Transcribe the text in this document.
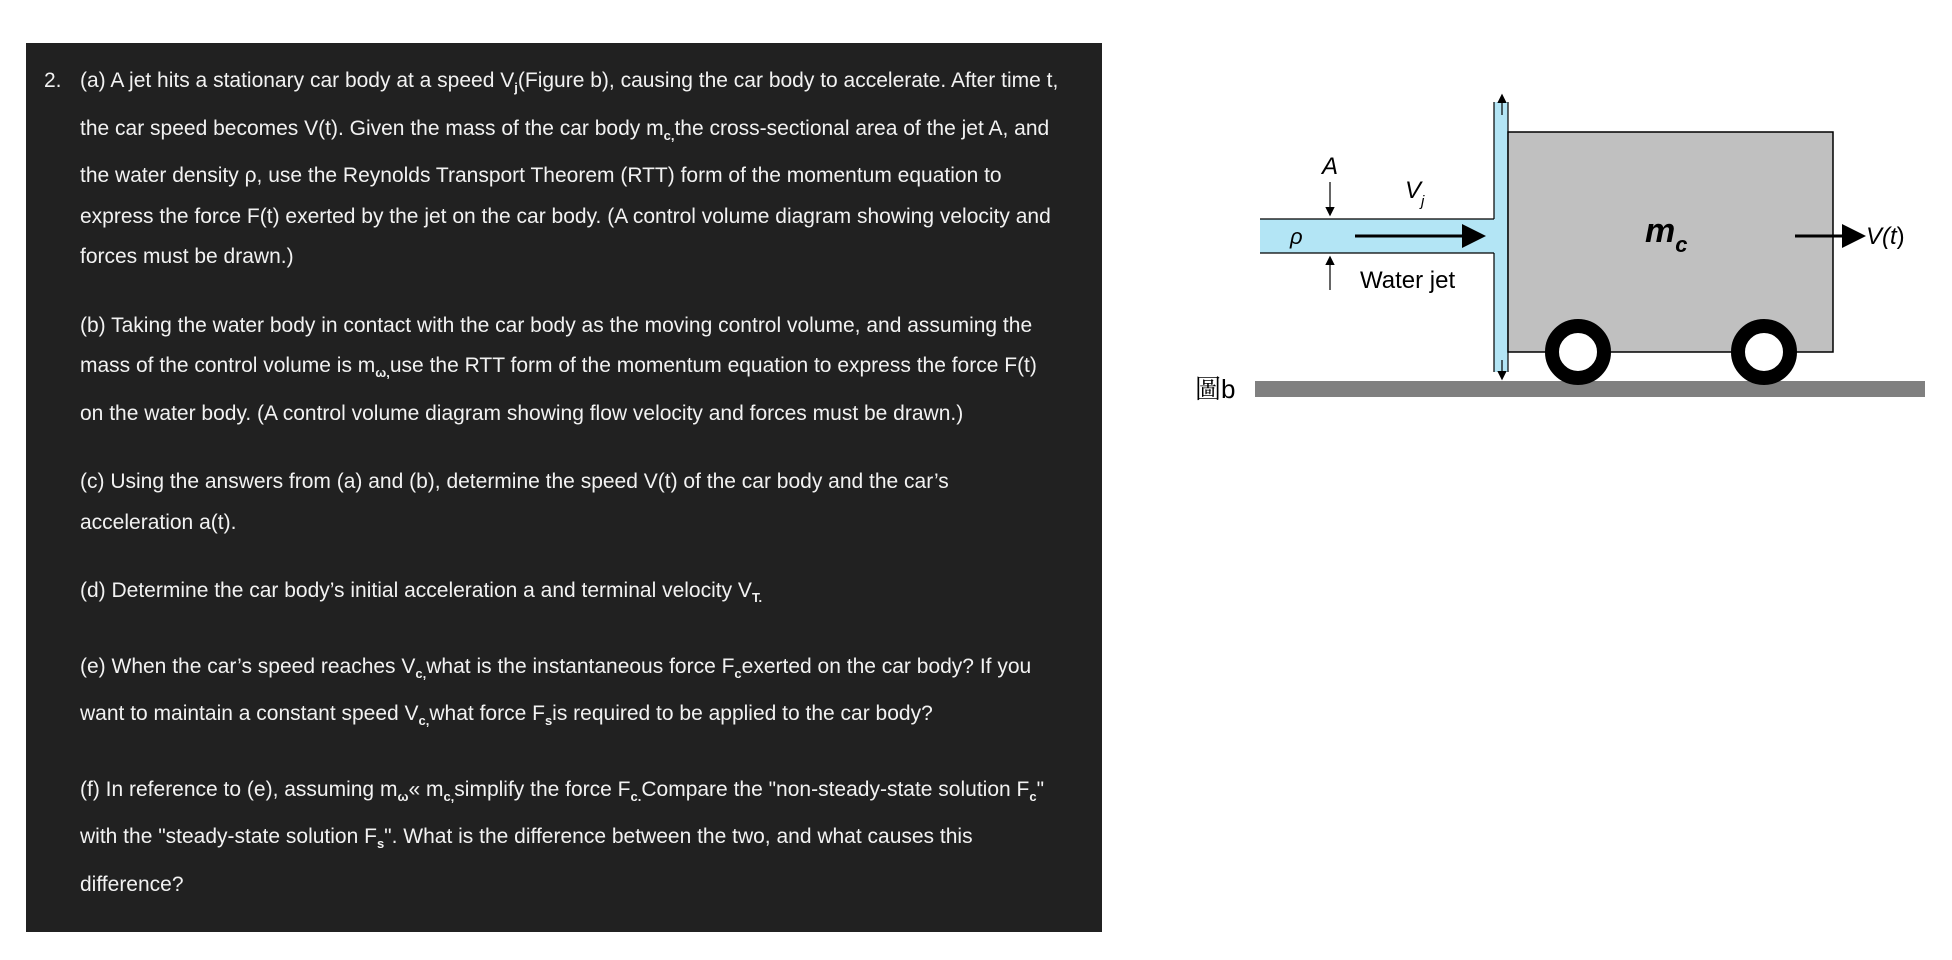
2. (a) A jet hits a stationary car body at a speed $V_j(Figure$ b), causing the car body to accelerate. After time t, the car speed becomes V(t). Given the mass of the car body $m_{c,}the$ cross-sectional area of the jet A, and the water density ρ, use the Reynolds Transport Theorem (RTT) form of the momentum equation to express the force F(t) exerted by the jet on the car body. (A control volume diagram showing velocity and forces must be drawn.)

(b) Taking the water body in contact with the car body as the moving control volume, and assuming the mass of the control volume is $m_{\omega,}use$ the RTT form of the momentum equation to express the force F(t) on the water body. (A control volume diagram showing flow velocity and forces must be drawn.)

(c) Using the answers from (a) and (b), determine the speed V(t) of the car body and the car’s acceleration a(t).

(d) Determine the car body’s initial acceleration a and terminal velocity $V_{T.}$

(e) When the car’s speed reaches $V_{c,}what$ is the instantaneous force $F_cexerted$ on the car body? If you want to maintain a constant speed $V_{c,}what$ force $F_sis$ required to be applied to the car body?

(f) In reference to (e), assuming $m_\omega«$ $m_{c,}simplify$ the force $F_{c.}Compare$ the "non-steady-state solution $F_c$" with the "steady-state solution $F_s$". What is the difference between the two, and what causes this difference?

A
$V_j$
ρ
Water jet
$m_c$	V(t)
圖b
